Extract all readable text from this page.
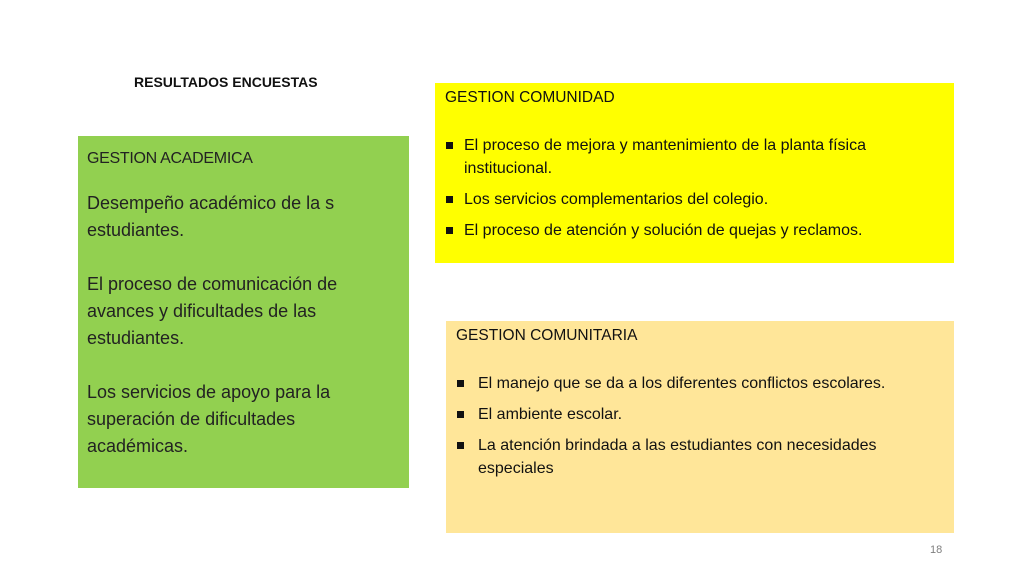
RESULTADOS ENCUESTAS
GESTION ACADEMICA
Desempeño académico de la s estudiantes.
El proceso de comunicación de avances y dificultades de las estudiantes.
Los servicios de apoyo para la superación de dificultades académicas.
GESTION COMUNIDAD
El proceso de mejora y mantenimiento de la planta física institucional.
Los servicios complementarios del colegio.
El proceso de atención y solución de quejas y reclamos.
GESTION COMUNITARIA
El manejo que se da a los diferentes conflictos escolares.
El ambiente escolar.
La atención brindada a las estudiantes con necesidades especiales
18
